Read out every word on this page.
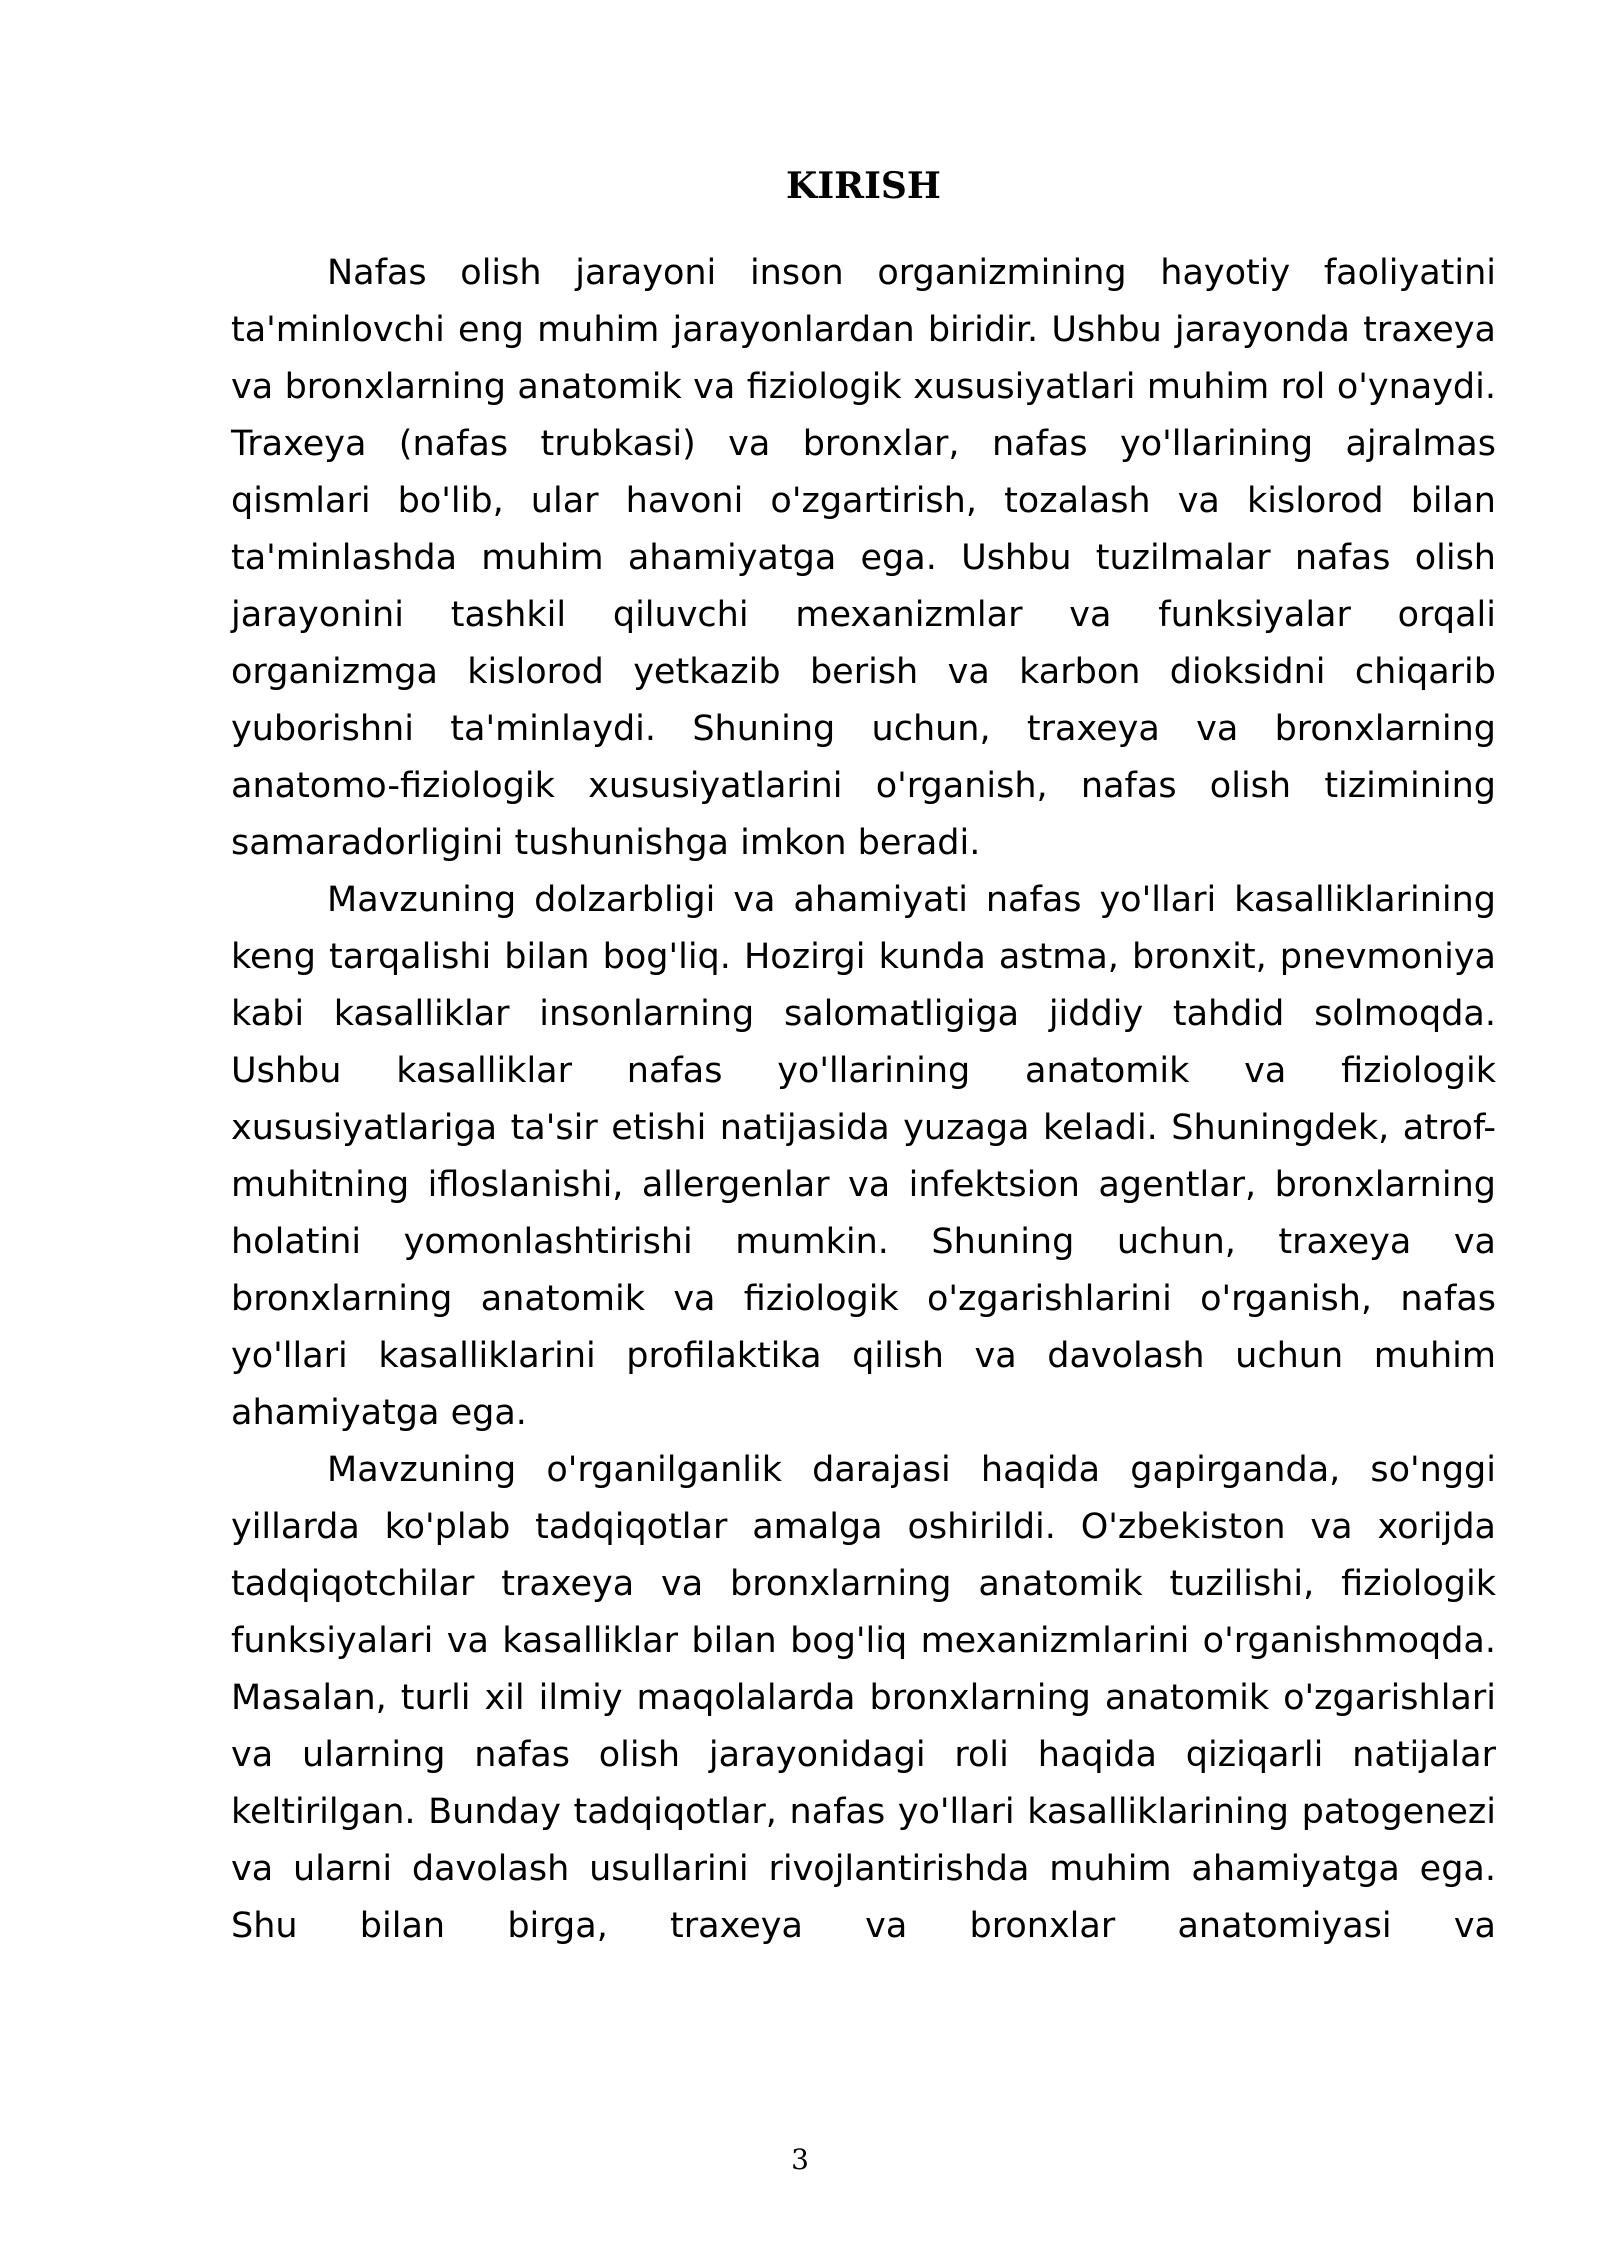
KIRISH

Nafas olish jarayoni inson organizmining hayotiy faoliyatini ta'minlovchi eng muhim jarayonlardan biridir. Ushbu jarayonda traxeya va bronxlarning anatomik va fiziologik xususiyatlari muhim rol o'ynaydi. Traxeya (nafas trubkasi) va bronxlar, nafas yo'llarining ajralmas qismlari bo'lib, ular havoni o'zgartirish, tozalash va kislorod bilan ta'minlashda muhim ahamiyatga ega. Ushbu tuzilmalar nafas olish jarayonini tashkil qiluvchi mexanizmlar va funksiyalar orqali organizmga kislorod yetkazib berish va karbon dioksidni chiqarib yuborishni ta'minlaydi. Shuning uchun, traxeya va bronxlarning anatomo-fiziologik xususiyatlarini o'rganish, nafas olish tizimining samaradorligini tushunishga imkon beradi.

Mavzuning dolzarbligi va ahamiyati nafas yo'llari kasalliklarining keng tarqalishi bilan bog'liq. Hozirgi kunda astma, bronxit, pnevmoniya kabi kasalliklar insonlarning salomatligiga jiddiy tahdid solmoqda. Ushbu kasalliklar nafas yo'llarining anatomik va fiziologik xususiyatlariga ta'sir etishi natijasida yuzaga keladi. Shuningdek, atrof-muhitning ifloslanishi, allergenlar va infektsion agentlar, bronxlarning holatini yomonlashtirishi mumkin. Shuning uchun, traxeya va bronxlarning anatomik va fiziologik o'zgarishlarini o'rganish, nafas yo'llari kasalliklarini profilaktika qilish va davolash uchun muhim ahamiyatga ega.

Mavzuning o'rganilganlik darajasi haqida gapirganda, so'nggi yillarda ko'plab tadqiqotlar amalga oshirildi. O'zbekiston va xorijda tadqiqotchilar traxeya va bronxlarning anatomik tuzilishi, fiziologik funksiyalari va kasalliklar bilan bog'liq mexanizmlarini o'rganishmoqda. Masalan, turli xil ilmiy maqolalarda bronxlarning anatomik o'zgarishlari va ularning nafas olish jarayonidagi roli haqida qiziqarli natijalar keltirilgan. Bunday tadqiqotlar, nafas yo'llari kasalliklarining patogenezi va ularni davolash usullarini rivojlantirishda muhim ahamiyatga ega. Shu bilan birga, traxeya va bronxlar anatomiyasi va

3
